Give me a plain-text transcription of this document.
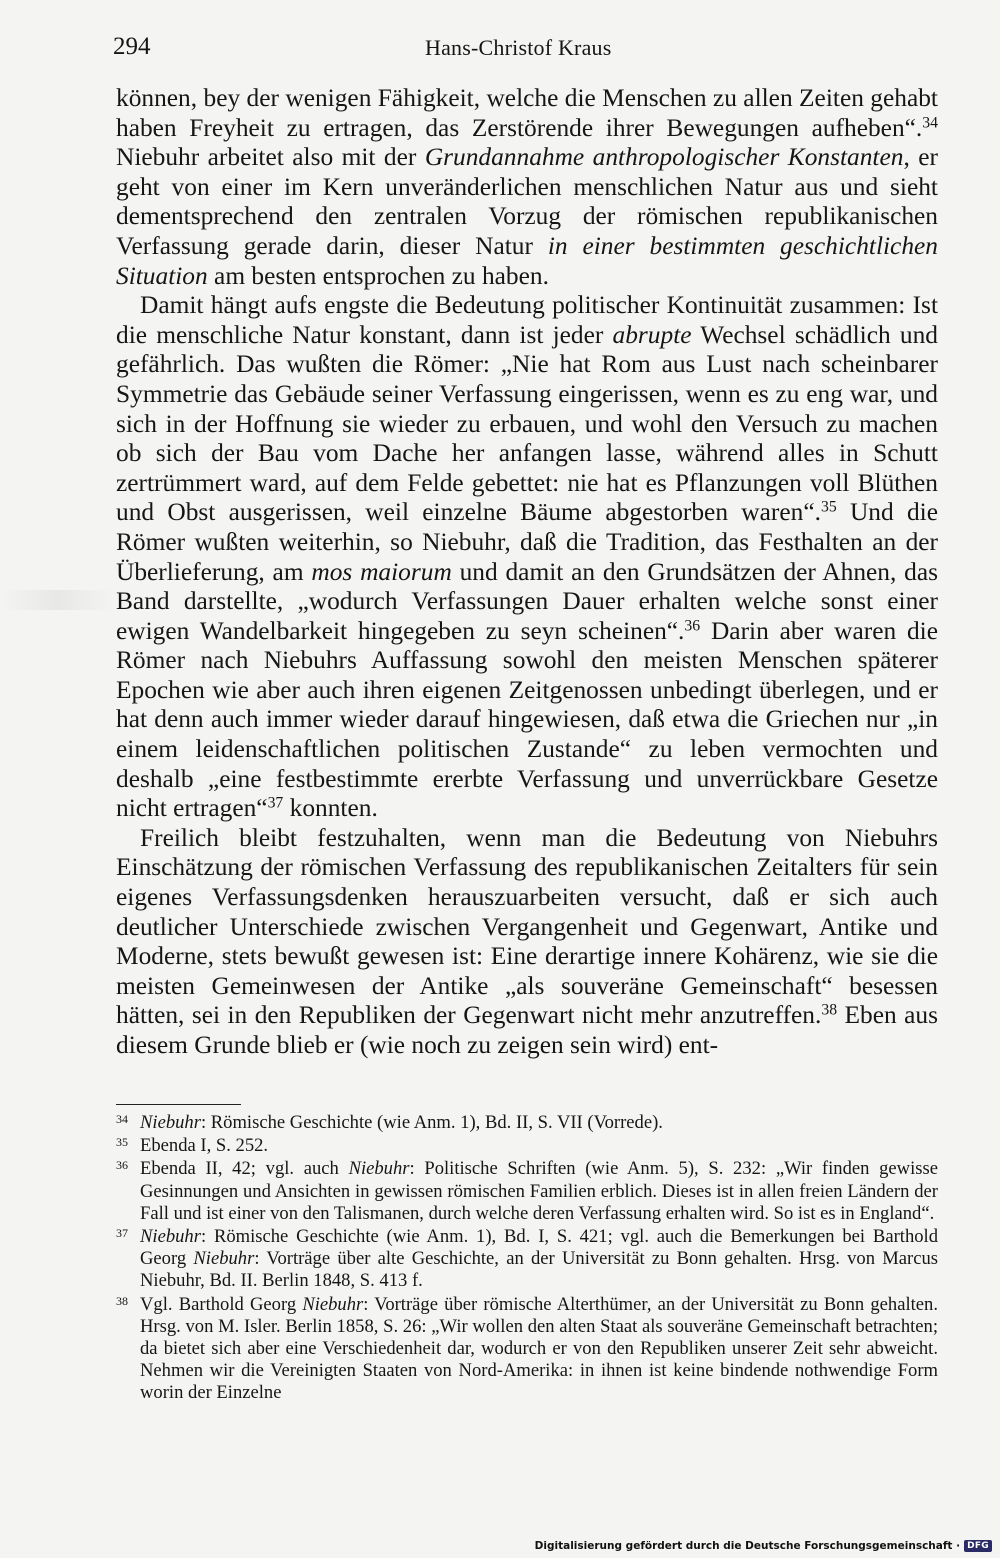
294	Hans-Christof Kraus

können, bey der wenigen Fähigkeit, welche die Menschen zu allen Zeiten gehabt haben Freyheit zu ertragen, das Zerstörende ihrer Bewegungen aufheben“.$^{34}$ Niebuhr arbeitet also mit der Grundannahme anthropologischer Konstanten, er geht von einer im Kern unveränderlichen menschlichen Natur aus und sieht dementsprechend den zentralen Vorzug der römischen republikanischen Verfassung gerade darin, dieser Natur in einer bestimmten geschichtlichen Situation am besten entsprochen zu haben.

Damit hängt aufs engste die Bedeutung politischer Kontinuität zusammen: Ist die menschliche Natur konstant, dann ist jeder abrupte Wechsel schädlich und gefährlich. Das wußten die Römer: „Nie hat Rom aus Lust nach scheinbarer Symmetrie das Gebäude seiner Verfassung eingerissen, wenn es zu eng war, und sich in der Hoffnung sie wieder zu erbauen, und wohl den Versuch zu machen ob sich der Bau vom Dache her anfangen lasse, während alles in Schutt zertrümmert ward, auf dem Felde gebettet: nie hat es Pflanzungen voll Blüthen und Obst ausgerissen, weil einzelne Bäume abgestorben waren“.$^{35}$ Und die Römer wußten weiterhin, so Niebuhr, daß die Tradition, das Festhalten an der Überlieferung, am mos maiorum und damit an den Grundsätzen der Ahnen, das Band darstellte, „wodurch Verfassungen Dauer erhalten welche sonst einer ewigen Wandelbarkeit hingegeben zu seyn scheinen“.$^{36}$ Darin aber waren die Römer nach Niebuhrs Auffassung sowohl den meisten Menschen späterer Epochen wie aber auch ihren eigenen Zeitgenossen unbedingt überlegen, und er hat denn auch immer wieder darauf hingewiesen, daß etwa die Griechen nur „in einem leidenschaftlichen politischen Zustande“ zu leben vermochten und deshalb „eine festbestimmte ererbte Verfassung und unverrückbare Gesetze nicht ertragen“$^{37}$ konnten.

Freilich bleibt festzuhalten, wenn man die Bedeutung von Niebuhrs Einschätzung der römischen Verfassung des republikanischen Zeitalters für sein eigenes Verfassungsdenken herauszuarbeiten versucht, daß er sich auch deutlicher Unterschiede zwischen Vergangenheit und Gegenwart, Antike und Moderne, stets bewußt gewesen ist: Eine derartige innere Kohärenz, wie sie die meisten Gemeinwesen der Antike „als souveräne Gemeinschaft“ besessen hätten, sei in den Republiken der Gegenwart nicht mehr anzutreffen.$^{38}$ Eben aus diesem Grunde blieb er (wie noch zu zeigen sein wird) ent-

34 Niebuhr: Römische Geschichte (wie Anm. 1), Bd. II, S. VII (Vorrede).
35 Ebenda I, S. 252.
36 Ebenda II, 42; vgl. auch Niebuhr: Politische Schriften (wie Anm. 5), S. 232: „Wir finden gewisse Gesinnungen und Ansichten in gewissen römischen Familien erblich. Dieses ist in allen freien Ländern der Fall und ist einer von den Talismanen, durch welche deren Verfassung erhalten wird. So ist es in England“.
37 Niebuhr: Römische Geschichte (wie Anm. 1), Bd. I, S. 421; vgl. auch die Bemerkungen bei Barthold Georg Niebuhr: Vorträge über alte Geschichte, an der Universität zu Bonn gehalten. Hrsg. von Marcus Niebuhr, Bd. II. Berlin 1848, S. 413 f.
38 Vgl. Barthold Georg Niebuhr: Vorträge über römische Alterthümer, an der Universität zu Bonn gehalten. Hrsg. von M. Isler. Berlin 1858, S. 26: „Wir wollen den alten Staat als souveräne Gemeinschaft betrachten; da bietet sich aber eine Verschiedenheit dar, wodurch er von den Republiken unserer Zeit sehr abweicht. Nehmen wir die Vereinigten Staaten von Nord-Amerika: in ihnen ist keine bindende nothwendige Form worin der Einzelne
Digitalisierung gefördert durch die Deutsche Forschungsgemeinschaft · DFG
